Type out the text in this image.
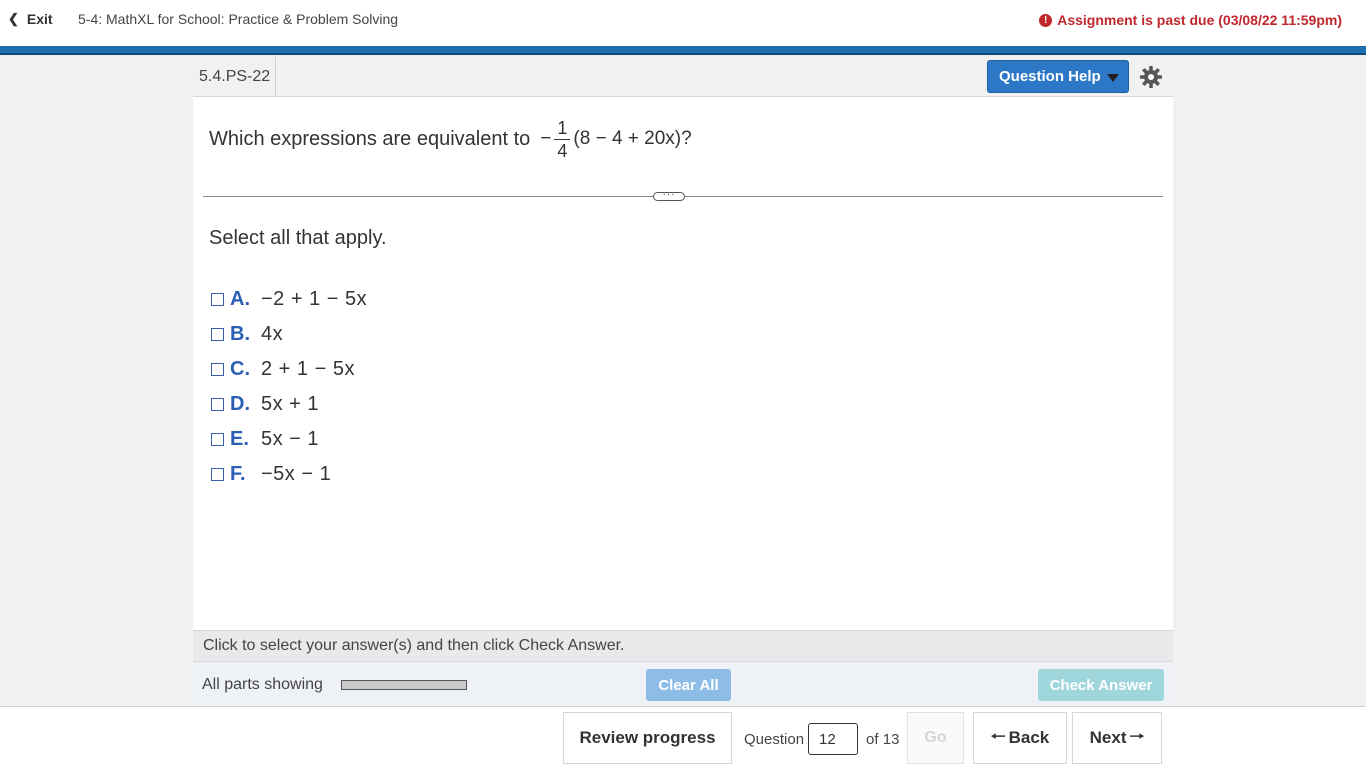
❮ Exit 5-4: MathXL for School: Practice & Problem Solving	! Assignment is past due (03/08/22 11:59pm)
5.4.PS-22	Question Help
Which expressions are equivalent to − $\frac{1}{4} (8 - 4 + 20x)$?
···
Select all that apply.
A. −2 + 1 − 5x
B. 4x
C. 2 + 1 − 5x
D. 5x + 1
E. 5x − 1
F. −5x − 1
Click to select your answer(s) and then click Check Answer.
All parts showing	Clear All	Check Answer
Review progress	Question
12	of 13	Go	🠐 Back Next 🠒
